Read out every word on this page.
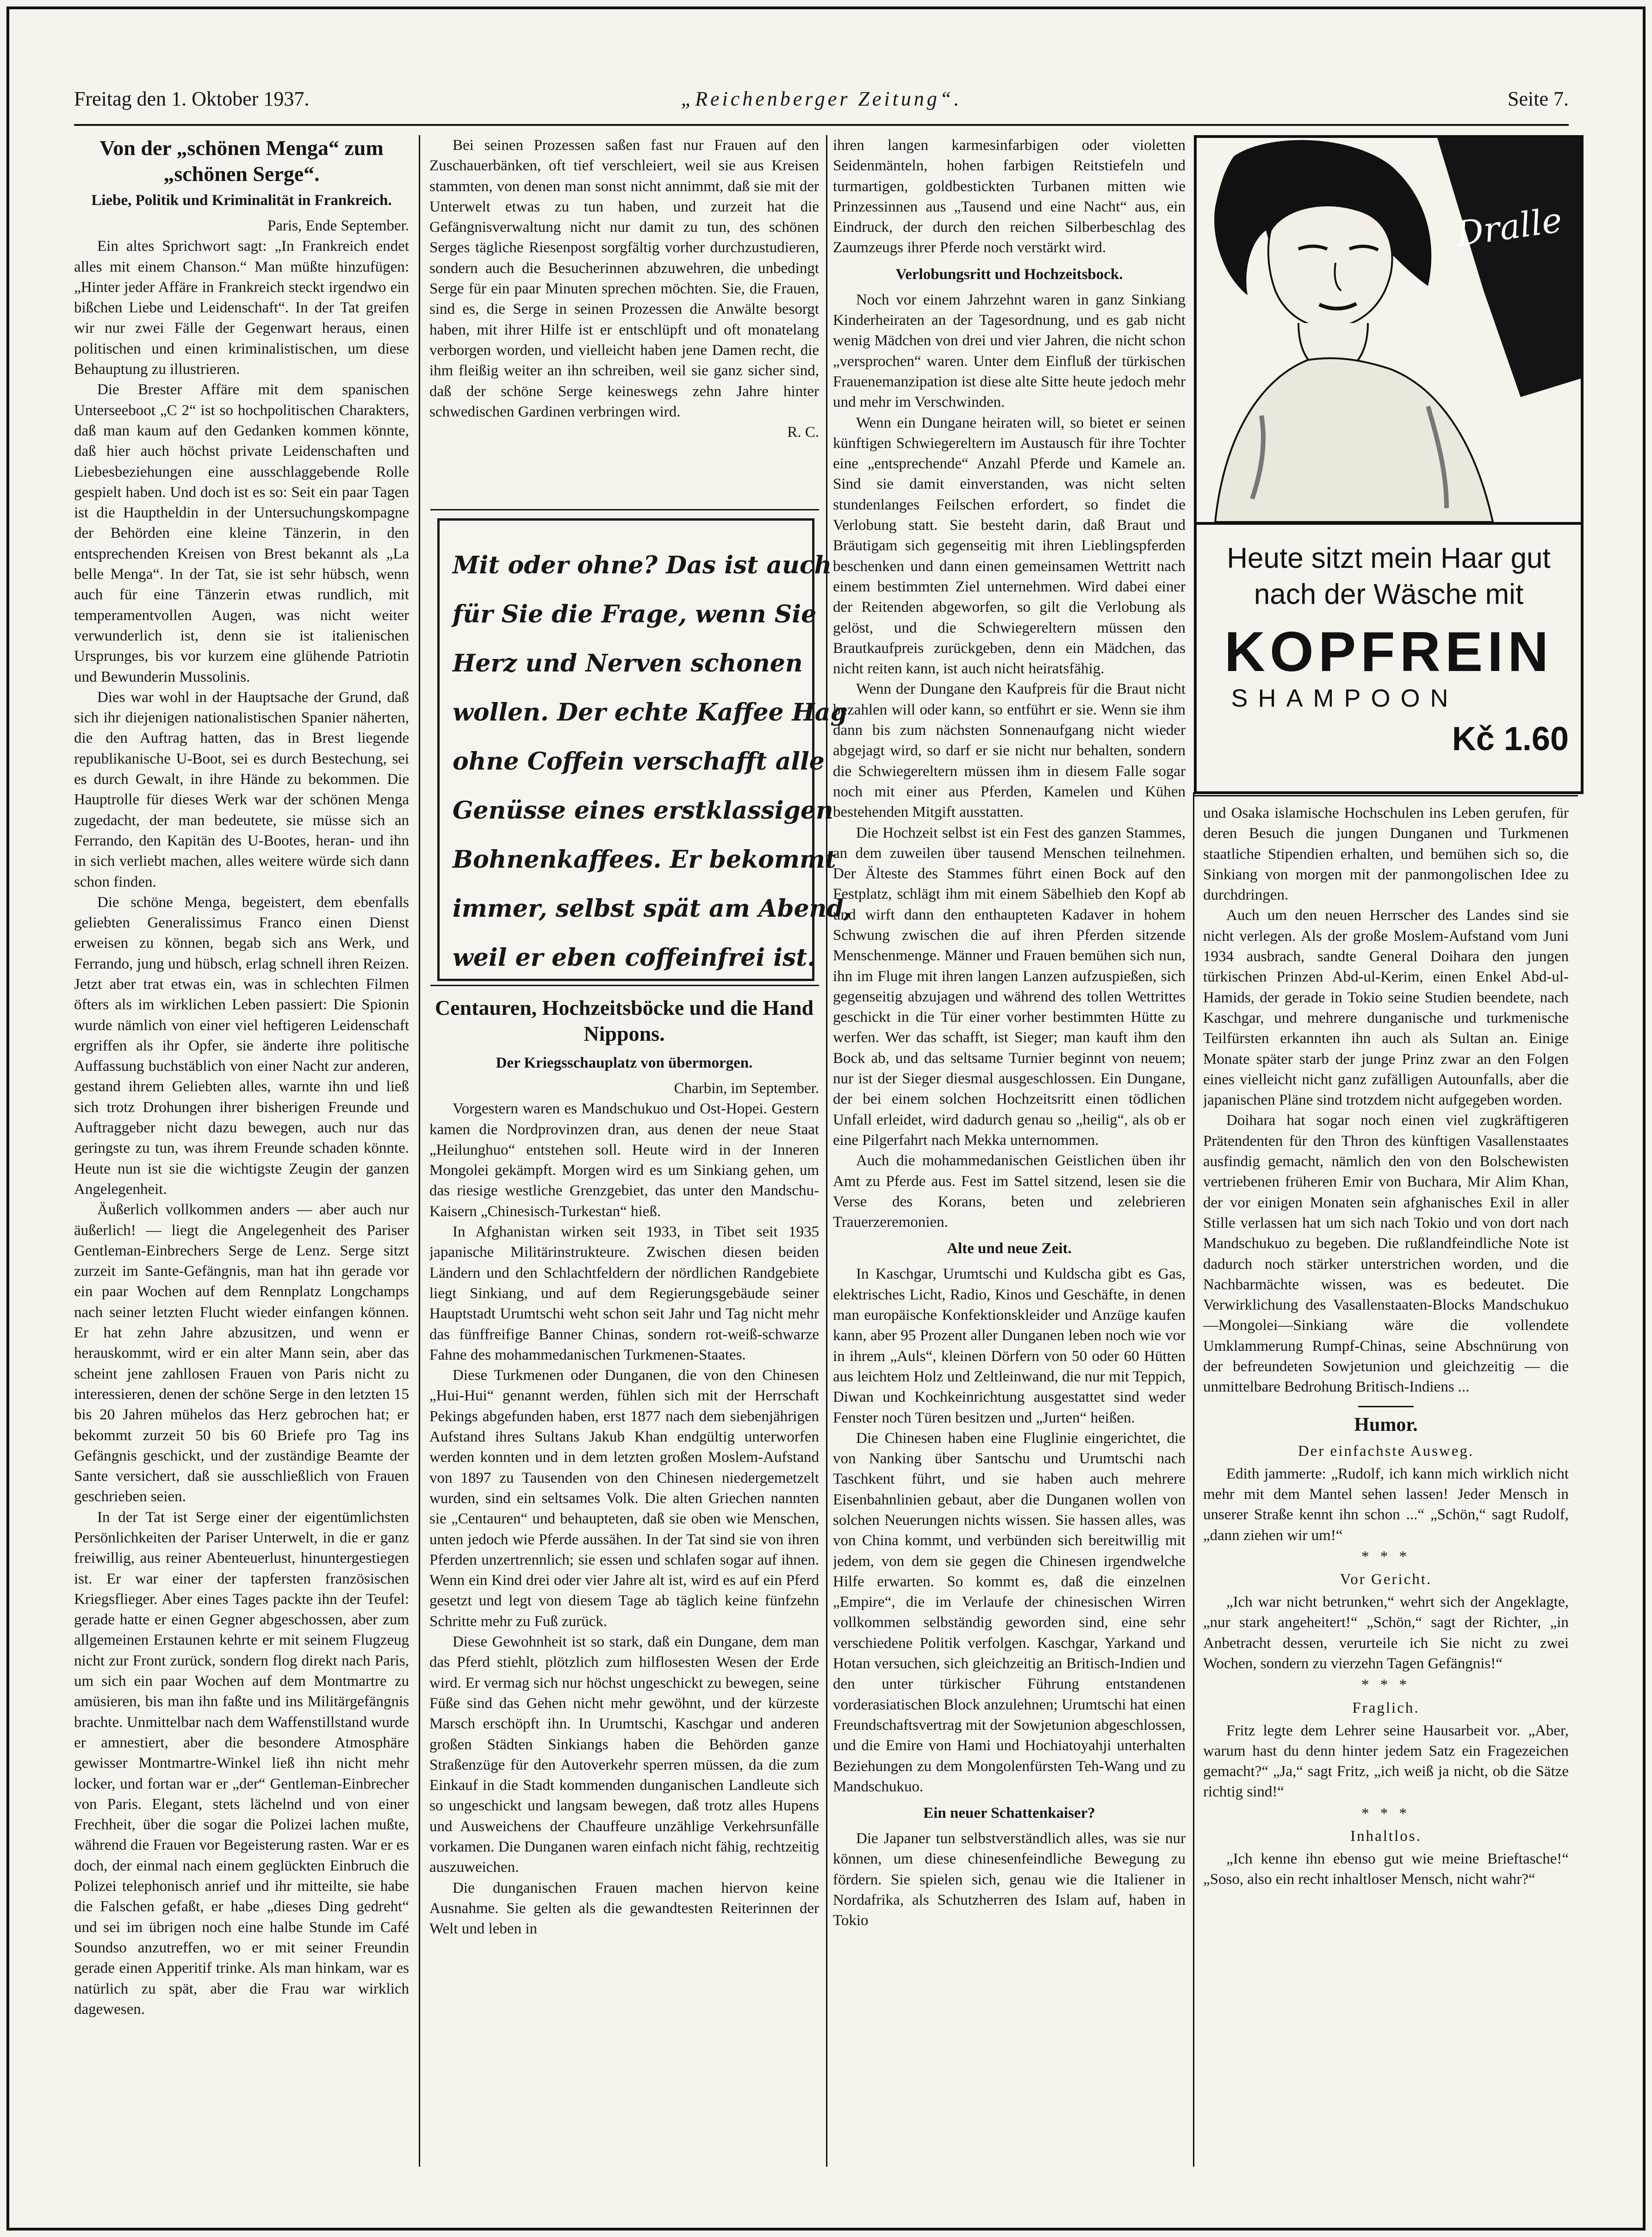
Freitag den 1. Oktober 1937.	„Reichenberger Zeitung“.	Seite 7.
Von der „schönen Menga“ zum „schönen Serge“.
Liebe, Politik und Kriminalität in Frankreich.

Paris, Ende September.

Ein altes Sprichwort sagt: „In Frankreich endet alles mit einem Chanson.“ Man müßte hinzufügen: „Hinter jeder Affäre in Frankreich steckt irgendwo ein bißchen Liebe und Leidenschaft“. In der Tat greifen wir nur zwei Fälle der Gegenwart heraus, einen politischen und einen kriminalistischen, um diese Behauptung zu illustrieren.

Die Brester Affäre mit dem spanischen Unterseeboot „C 2“ ist so hochpolitischen Charakters, daß man kaum auf den Gedanken kommen könnte, daß hier auch höchst private Leidenschaften und Liebesbeziehungen eine ausschlaggebende Rolle gespielt haben. Und doch ist es so: Seit ein paar Tagen ist die Hauptheldin in der Untersuchungskompagne der Behörden eine kleine Tänzerin, in den entsprechenden Kreisen von Brest bekannt als „La belle Menga“. In der Tat, sie ist sehr hübsch, wenn auch für eine Tänzerin etwas rundlich, mit temperamentvollen Augen, was nicht weiter verwunderlich ist, denn sie ist italienischen Ursprunges, bis vor kurzem eine glühende Patriotin und Bewunderin Mussolinis.

Dies war wohl in der Hauptsache der Grund, daß sich ihr diejenigen nationalistischen Spanier näherten, die den Auftrag hatten, das in Brest liegende republikanische U-Boot, sei es durch Bestechung, sei es durch Gewalt, in ihre Hände zu bekommen. Die Hauptrolle für dieses Werk war der schönen Menga zugedacht, der man bedeutete, sie müsse sich an Ferrando, den Kapitän des U-Bootes, heran- und ihn in sich verliebt machen, alles weitere würde sich dann schon finden.

Die schöne Menga, begeistert, dem ebenfalls geliebten Generalissimus Franco einen Dienst erweisen zu können, begab sich ans Werk, und Ferrando, jung und hübsch, erlag schnell ihren Reizen. Jetzt aber trat etwas ein, was in schlechten Filmen öfters als im wirklichen Leben passiert: Die Spionin wurde nämlich von einer viel heftigeren Leidenschaft ergriffen als ihr Opfer, sie änderte ihre politische Auffassung buchstäblich von einer Nacht zur anderen, gestand ihrem Geliebten alles, warnte ihn und ließ sich trotz Drohungen ihrer bisherigen Freunde und Auftraggeber nicht dazu bewegen, auch nur das geringste zu tun, was ihrem Freunde schaden könnte. Heute nun ist sie die wichtigste Zeugin der ganzen Angelegenheit.

Äußerlich vollkommen anders — aber auch nur äußerlich! — liegt die Angelegenheit des Pariser Gentleman-Einbrechers Serge de Lenz. Serge sitzt zurzeit im Sante-Gefängnis, man hat ihn gerade vor ein paar Wochen auf dem Rennplatz Longchamps nach seiner letzten Flucht wieder einfangen können. Er hat zehn Jahre abzusitzen, und wenn er herauskommt, wird er ein alter Mann sein, aber das scheint jene zahllosen Frauen von Paris nicht zu interessieren, denen der schöne Serge in den letzten 15 bis 20 Jahren mühelos das Herz gebrochen hat; er bekommt zurzeit 50 bis 60 Briefe pro Tag ins Gefängnis geschickt, und der zuständige Beamte der Sante versichert, daß sie ausschließlich von Frauen geschrieben seien.

In der Tat ist Serge einer der eigentümlichsten Persönlichkeiten der Pariser Unterwelt, in die er ganz freiwillig, aus reiner Abenteuerlust, hinuntergestiegen ist. Er war einer der tapfersten französischen Kriegsflieger. Aber eines Tages packte ihn der Teufel: gerade hatte er einen Gegner abgeschossen, aber zum allgemeinen Erstaunen kehrte er mit seinem Flugzeug nicht zur Front zurück, sondern flog direkt nach Paris, um sich ein paar Wochen auf dem Montmartre zu amüsieren, bis man ihn faßte und ins Militärgefängnis brachte. Unmittelbar nach dem Waffenstillstand wurde er amnestiert, aber die besondere Atmosphäre gewisser Montmartre-Winkel ließ ihn nicht mehr locker, und fortan war er „der“ Gentleman-Einbrecher von Paris. Elegant, stets lächelnd und von einer Frechheit, über die sogar die Polizei lachen mußte, während die Frauen vor Begeisterung rasten. War er es doch, der einmal nach einem geglückten Einbruch die Polizei telephonisch anrief und ihr mitteilte, sie habe die Falschen gefaßt, er habe „dieses Ding gedreht“ und sei im übrigen noch eine halbe Stunde im Café Soundso anzutreffen, wo er mit seiner Freundin gerade einen Apperitif trinke. Als man hinkam, war es natürlich zu spät, aber die Frau war wirklich dagewesen.

Bei seinen Prozessen saßen fast nur Frauen auf den Zuschauerbänken, oft tief verschleiert, weil sie aus Kreisen stammten, von denen man sonst nicht annimmt, daß sie mit der Unterwelt etwas zu tun haben, und zurzeit hat die Gefängnisverwaltung nicht nur damit zu tun, des schönen Serges tägliche Riesenpost sorgfältig vorher durchzustudieren, sondern auch die Besucherinnen abzuwehren, die unbedingt Serge für ein paar Minuten sprechen möchten. Sie, die Frauen, sind es, die Serge in seinen Prozessen die Anwälte besorgt haben, mit ihrer Hilfe ist er entschlüpft und oft monatelang verborgen worden, und vielleicht haben jene Damen recht, die ihm fleißig weiter an ihn schreiben, weil sie ganz sicher sind, daß der schöne Serge keineswegs zehn Jahre hinter schwedischen Gardinen verbringen wird.

R. C.

Mit oder ohne? Das ist auch
für Sie die Frage, wenn Sie
Herz und Nerven schonen
wollen. Der echte Kaffee Hag
ohne Coffein verschafft alle
Genüsse eines erstklassigen
Bohnenkaffees. Er bekommt
immer, selbst spät am Abend,
weil er eben coffeinfrei ist.
Centauren, Hochzeitsböcke und die Hand Nippons.
Der Kriegsschauplatz von übermorgen.

Charbin, im September.

Vorgestern waren es Mandschukuo und Ost-Hopei. Gestern kamen die Nordprovinzen dran, aus denen der neue Staat „Heilunghuo“ entstehen soll. Heute wird in der Inneren Mongolei gekämpft. Morgen wird es um Sinkiang gehen, um das riesige westliche Grenzgebiet, das unter den Mandschu-Kaisern „Chinesisch-Turkestan“ hieß.

In Afghanistan wirken seit 1933, in Tibet seit 1935 japanische Militärinstrukteure. Zwischen diesen beiden Ländern und den Schlachtfeldern der nördlichen Randgebiete liegt Sinkiang, und auf dem Regierungsgebäude seiner Hauptstadt Urumtschi weht schon seit Jahr und Tag nicht mehr das fünffreifige Banner Chinas, sondern rot-weiß-schwarze Fahne des mohammedanischen Turkmenen-Staates.

Diese Turkmenen oder Dunganen, die von den Chinesen „Hui-Hui“ genannt werden, fühlen sich mit der Herrschaft Pekings abgefunden haben, erst 1877 nach dem siebenjährigen Aufstand ihres Sultans Jakub Khan endgültig unterworfen werden konnten und in dem letzten großen Moslem-Aufstand von 1897 zu Tausenden von den Chinesen niedergemetzelt wurden, sind ein seltsames Volk. Die alten Griechen nannten sie „Centauren“ und behaupteten, daß sie oben wie Menschen, unten jedoch wie Pferde aussähen. In der Tat sind sie von ihren Pferden unzertrennlich; sie essen und schlafen sogar auf ihnen. Wenn ein Kind drei oder vier Jahre alt ist, wird es auf ein Pferd gesetzt und legt von diesem Tage ab täglich keine fünfzehn Schritte mehr zu Fuß zurück.

Diese Gewohnheit ist so stark, daß ein Dungane, dem man das Pferd stiehlt, plötzlich zum hilflosesten Wesen der Erde wird. Er vermag sich nur höchst ungeschickt zu bewegen, seine Füße sind das Gehen nicht mehr gewöhnt, und der kürzeste Marsch erschöpft ihn. In Urumtschi, Kaschgar und anderen großen Städten Sinkiangs haben die Behörden ganze Straßenzüge für den Autoverkehr sperren müssen, da die zum Einkauf in die Stadt kommenden dunganischen Landleute sich so ungeschickt und langsam bewegen, daß trotz alles Hupens und Ausweichens der Chauffeure unzählige Verkehrsunfälle vorkamen. Die Dunganen waren einfach nicht fähig, rechtzeitig auszuweichen.

Die dunganischen Frauen machen hiervon keine Ausnahme. Sie gelten als die gewandtesten Reiterinnen der Welt und leben in

ihren langen karmesinfarbigen oder violetten Seidenmänteln, hohen farbigen Reitstiefeln und turmartigen, goldbestickten Turbanen mitten wie Prinzessinnen aus „Tausend und eine Nacht“ aus, ein Eindruck, der durch den reichen Silberbeschlag des Zaumzeugs ihrer Pferde noch verstärkt wird.

Verlobungsritt und Hochzeitsbock.

Noch vor einem Jahrzehnt waren in ganz Sinkiang Kinderheiraten an der Tagesordnung, und es gab nicht wenig Mädchen von drei und vier Jahren, die nicht schon „versprochen“ waren. Unter dem Einfluß der türkischen Frauenemanzipation ist diese alte Sitte heute jedoch mehr und mehr im Verschwinden.

Wenn ein Dungane heiraten will, so bietet er seinen künftigen Schwiegereltern im Austausch für ihre Tochter eine „entsprechende“ Anzahl Pferde und Kamele an. Sind sie damit einverstanden, was nicht selten stundenlanges Feilschen erfordert, so findet die Verlobung statt. Sie besteht darin, daß Braut und Bräutigam sich gegenseitig mit ihren Lieblingspferden beschenken und dann einen gemeinsamen Wettritt nach einem bestimmten Ziel unternehmen. Wird dabei einer der Reitenden abgeworfen, so gilt die Verlobung als gelöst, und die Schwiegereltern müssen den Brautkaufpreis zurückgeben, denn ein Mädchen, das nicht reiten kann, ist auch nicht heiratsfähig.

Wenn der Dungane den Kaufpreis für die Braut nicht bezahlen will oder kann, so entführt er sie. Wenn sie ihm dann bis zum nächsten Sonnenaufgang nicht wieder abgejagt wird, so darf er sie nicht nur behalten, sondern die Schwiegereltern müssen ihm in diesem Falle sogar noch mit einer aus Pferden, Kamelen und Kühen bestehenden Mitgift ausstatten.

Die Hochzeit selbst ist ein Fest des ganzen Stammes, an dem zuweilen über tausend Menschen teilnehmen. Der Älteste des Stammes führt einen Bock auf den Festplatz, schlägt ihm mit einem Säbelhieb den Kopf ab und wirft dann den enthaupteten Kadaver in hohem Schwung zwischen die auf ihren Pferden sitzende Menschenmenge. Männer und Frauen bemühen sich nun, ihn im Fluge mit ihren langen Lanzen aufzuspießen, sich gegenseitig abzujagen und während des tollen Wettrittes geschickt in die Tür einer vorher bestimmten Hütte zu werfen. Wer das schafft, ist Sieger; man kauft ihm den Bock ab, und das seltsame Turnier beginnt von neuem; nur ist der Sieger diesmal ausgeschlossen. Ein Dungane, der bei einem solchen Hochzeitsritt einen tödlichen Unfall erleidet, wird dadurch genau so „heilig“, als ob er eine Pilgerfahrt nach Mekka unternommen.

Auch die mohammedanischen Geistlichen üben ihr Amt zu Pferde aus. Fest im Sattel sitzend, lesen sie die Verse des Korans, beten und zelebrieren Trauerzeremonien.

Alte und neue Zeit.

In Kaschgar, Urumtschi und Kuldscha gibt es Gas, elektrisches Licht, Radio, Kinos und Geschäfte, in denen man europäische Konfektionskleider und Anzüge kaufen kann, aber 95 Prozent aller Dunganen leben noch wie vor in ihrem „Auls“, kleinen Dörfern von 50 oder 60 Hütten aus leichtem Holz und Zeltleinwand, die nur mit Teppich, Diwan und Kochkeinrichtung ausgestattet sind weder Fenster noch Türen besitzen und „Jurten“ heißen.

Die Chinesen haben eine Fluglinie eingerichtet, die von Nanking über Santschu und Urumtschi nach Taschkent führt, und sie haben auch mehrere Eisenbahnlinien gebaut, aber die Dunganen wollen von solchen Neuerungen nichts wissen. Sie hassen alles, was von China kommt, und verbünden sich bereitwillig mit jedem, von dem sie gegen die Chinesen irgendwelche Hilfe erwarten. So kommt es, daß die einzelnen „Empire“, die im Verlaufe der chinesischen Wirren vollkommen selbständig geworden sind, eine sehr verschiedene Politik verfolgen. Kaschgar, Yarkand und Hotan versuchen, sich gleichzeitig an Britisch-Indien und den unter türkischer Führung entstandenen vorderasiatischen Block anzulehnen; Urumtschi hat einen Freundschaftsvertrag mit der Sowjetunion abgeschlossen, und die Emire von Hami und Hochiatoyahji unterhalten Beziehungen zu dem Mongolenfürsten Teh-Wang und zu Mandschukuo.

Ein neuer Schattenkaiser?

Die Japaner tun selbstverständlich alles, was sie nur können, um diese chinesenfeindliche Bewegung zu fördern. Sie spielen sich, genau wie die Italiener in Nordafrika, als Schutzherren des Islam auf, haben in Tokio

Dralle
Heute sitzt mein Haar gut
nach der Wäsche mit
KOPFREIN
SHAMPOON
Kč 1.60

und Osaka islamische Hochschulen ins Leben gerufen, für deren Besuch die jungen Dunganen und Turkmenen staatliche Stipendien erhalten, und bemühen sich so, die Sinkiang von morgen mit der panmongolischen Idee zu durchdringen.

Auch um den neuen Herrscher des Landes sind sie nicht verlegen. Als der große Moslem-Aufstand vom Juni 1934 ausbrach, sandte General Doihara den jungen türkischen Prinzen Abd-ul-Kerim, einen Enkel Abd-ul-Hamids, der gerade in Tokio seine Studien beendete, nach Kaschgar, und mehrere dunganische und turkmenische Teilfürsten erkannten ihn auch als Sultan an. Einige Monate später starb der junge Prinz zwar an den Folgen eines vielleicht nicht ganz zufälligen Autounfalls, aber die japanischen Pläne sind trotzdem nicht aufgegeben worden.

Doihara hat sogar noch einen viel zugkräftigeren Prätendenten für den Thron des künftigen Vasallenstaates ausfindig gemacht, nämlich den von den Bolschewisten vertriebenen früheren Emir von Buchara, Mir Alim Khan, der vor einigen Monaten sein afghanisches Exil in aller Stille verlassen hat um sich nach Tokio und von dort nach Mandschukuo zu begeben. Die rußlandfeindliche Note ist dadurch noch stärker unterstrichen worden, und die Nachbarmächte wissen, was es bedeutet. Die Verwirklichung des Vasallenstaaten-Blocks Mandschukuo—Mongolei—Sinkiang wäre die vollendete Umklammerung Rumpf-Chinas, seine Abschnürung von der befreundeten Sowjetunion und gleichzeitig — die unmittelbare Bedrohung Britisch-Indiens ...

Humor.
Der einfachste Ausweg.

Edith jammerte: „Rudolf, ich kann mich wirklich nicht mehr mit dem Mantel sehen lassen! Jeder Mensch in unserer Straße kennt ihn schon ...“ „Schön,“ sagt Rudolf, „dann ziehen wir um!“

* * *
Vor Gericht.

„Ich war nicht betrunken,“ wehrt sich der Angeklagte, „nur stark angeheitert!“ „Schön,“ sagt der Richter, „in Anbetracht dessen, verurteile ich Sie nicht zu zwei Wochen, sondern zu vierzehn Tagen Gefängnis!“

* * *
Fraglich.

Fritz legte dem Lehrer seine Hausarbeit vor. „Aber, warum hast du denn hinter jedem Satz ein Fragezeichen gemacht?“ „Ja,“ sagt Fritz, „ich weiß ja nicht, ob die Sätze richtig sind!“

* * *
Inhaltlos.

„Ich kenne ihn ebenso gut wie meine Brieftasche!“ „Soso, also ein recht inhaltloser Mensch, nicht wahr?“
